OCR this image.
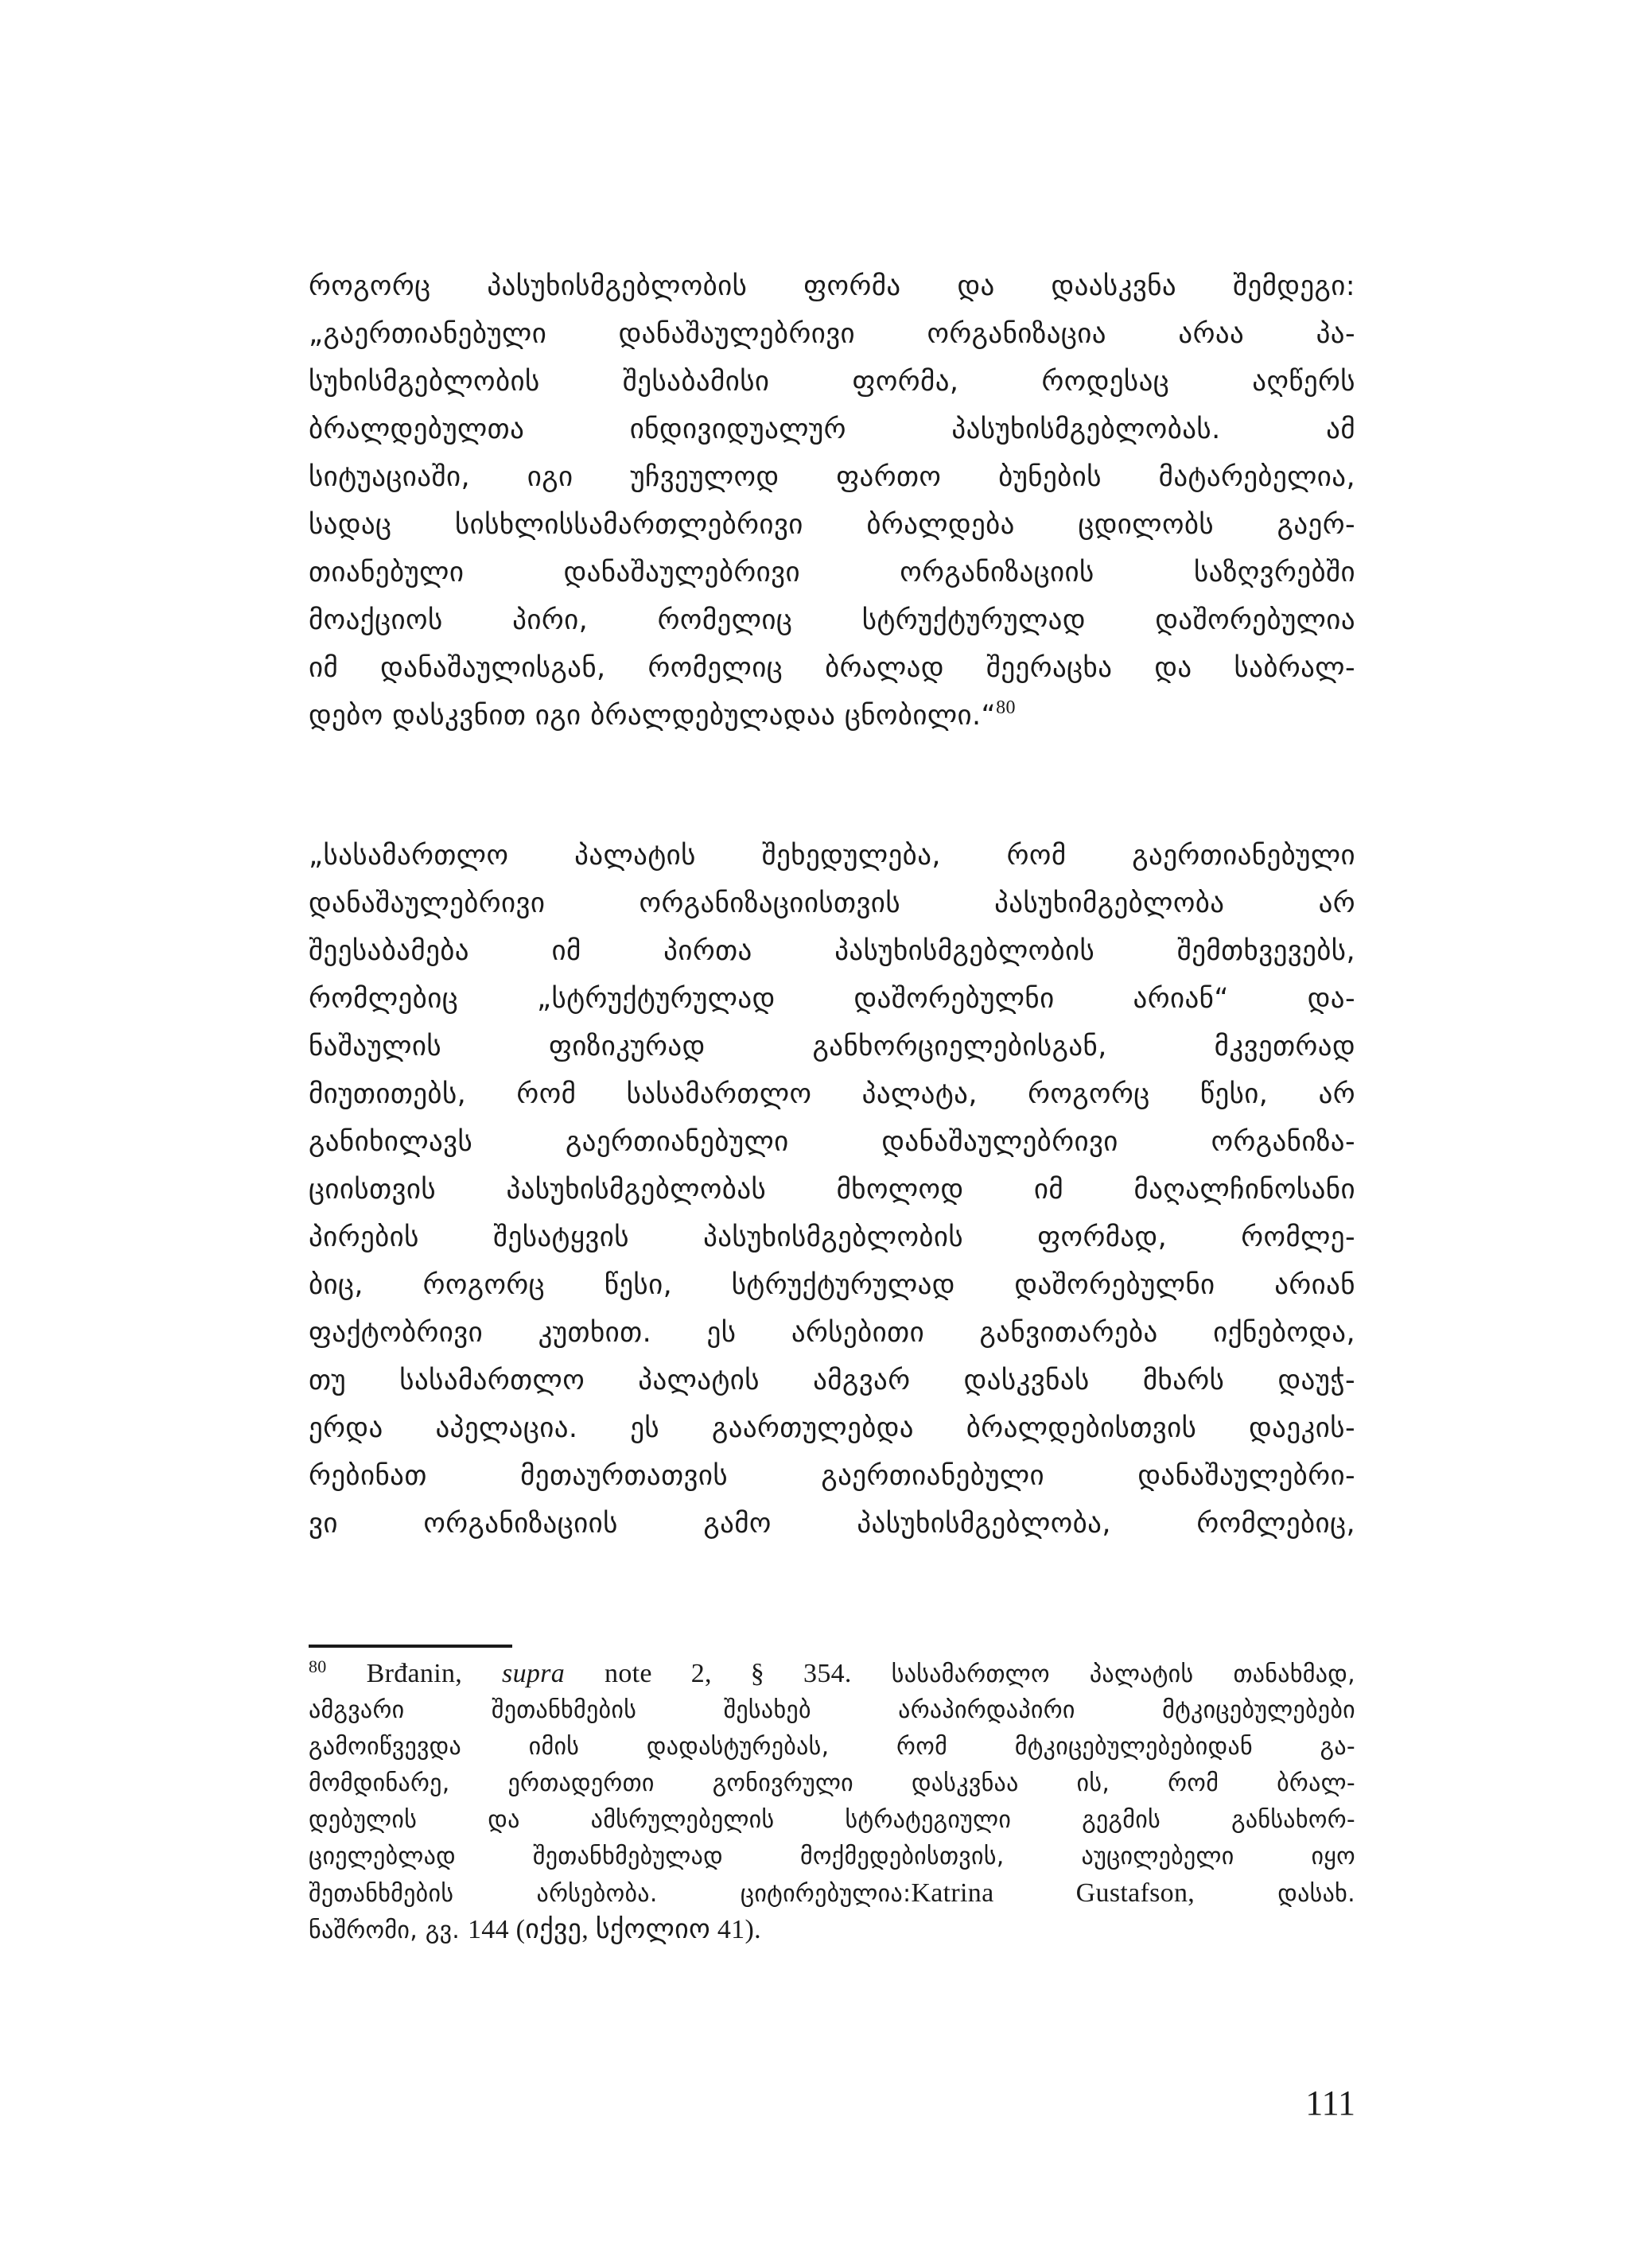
როგორც პასუხისმგებლობის ფორმა და დაასკვნა შემდეგი:
„გაერთიანებული დანაშაულებრივი ორგანიზაცია არაა პა-
სუხისმგებლობის შესაბამისი ფორმა, როდესაც აღწერს
ბრალდებულთა ინდივიდუალურ პასუხისმგებლობას. ამ
სიტუაციაში, იგი უჩვეულოდ ფართო ბუნების მატარებელია,
სადაც სისხლისსამართლებრივი ბრალდება ცდილობს გაერ-
თიანებული დანაშაულებრივი ორგანიზაციის საზღვრებში
მოაქციოს პირი, რომელიც სტრუქტურულად დაშორებულია
იმ დანაშაულისგან, რომელიც ბრალად შეერაცხა და საბრალ-
დებო დასკვნით იგი ბრალდებულადაა ცნობილი.“$^{80}$
„სასამართლო პალატის შეხედულება, რომ გაერთიანებული
დანაშაულებრივი ორგანიზაციისთვის პასუხიმგებლობა არ
შეესაბამება იმ პირთა პასუხისმგებლობის შემთხვევებს,
რომლებიც „სტრუქტურულად დაშორებულნი არიან“ და-
ნაშაულის ფიზიკურად განხორციელებისგან, მკვეთრად
მიუთითებს, რომ სასამართლო პალატა, როგორც წესი, არ
განიხილავს გაერთიანებული დანაშაულებრივი ორგანიზა-
ციისთვის პასუხისმგებლობას მხოლოდ იმ მაღალჩინოსანი
პირების შესატყვის პასუხისმგებლობის ფორმად, რომლე-
ბიც, როგორც წესი, სტრუქტურულად დაშორებულნი არიან
ფაქტობრივი კუთხით. ეს არსებითი განვითარება იქნებოდა,
თუ სასამართლო პალატის ამგვარ დასკვნას მხარს დაუჭ-
ერდა აპელაცია. ეს გაართულებდა ბრალდებისთვის დაეკის-
რებინათ მეთაურთათვის გაერთიანებული დანაშაულებრი-
ვი ორგანიზაციის გამო პასუხისმგებლობა, რომლებიც,
$^{80}$ Brđanin, supra note 2, § 354. სასამართლო პალატის თანახმად,
ამგვარი შეთანხმების შესახებ არაპირდაპირი მტკიცებულებები
გამოიწვევდა იმის დადასტურებას, რომ მტკიცებულებებიდან გა-
მომდინარე, ერთადერთი გონივრული დასკვნაა ის, რომ ბრალ-
დებულის და ამსრულებელის სტრატეგიული გეგმის განსახორ-
ციელებლად შეთანხმებულად მოქმედებისთვის, აუცილებელი იყო
შეთანხმების არსებობა. ციტირებულია:Katrina Gustafson,	დასახ.
ნაშრომი, გვ. 144 (იქვე, სქოლიო 41).
111
